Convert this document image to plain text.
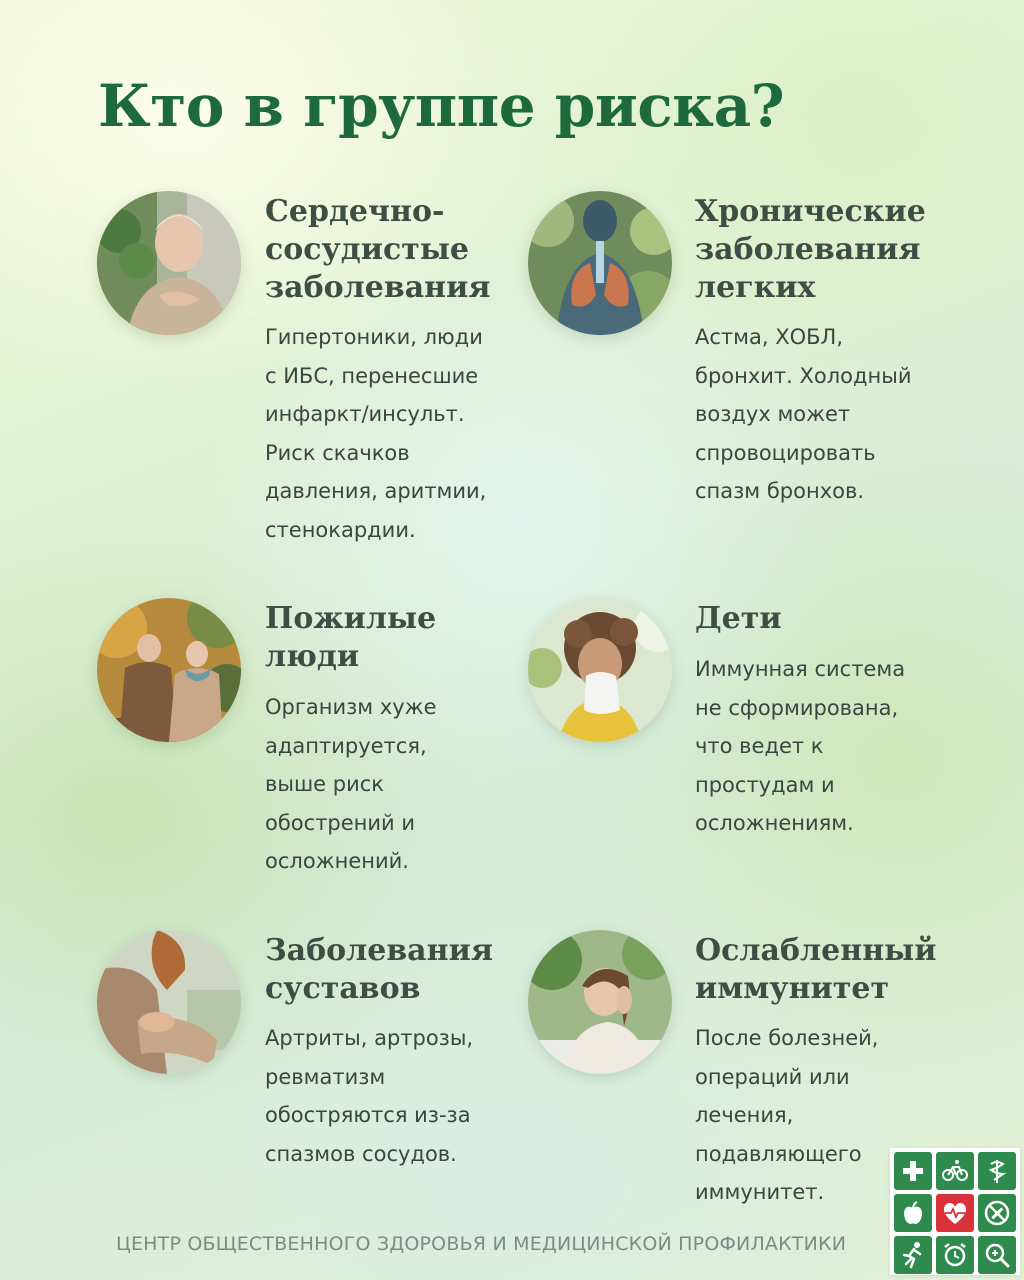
Кто в группе риска?
Сердечно-
сосудистые
заболевания

Гипертоники, люди
с ИБС, перенесшие
инфаркт/инсульт.
Риск скачков
давления, аритмии,
стенокардии.

Хронические
заболевания
легких

Астма, ХОБЛ,
бронхит. Холодный
воздух может
спровоцировать
спазм бронхов.

Пожилые
люди

Организм хуже
адаптируется,
выше риск
обострений и
осложнений.

Дети

Иммунная система
не сформирована,
что ведет к
простудам и
осложнениям.

Заболевания
суставов

Артриты, артрозы,
ревматизм
обостряются из-за
спазмов сосудов.

Ослабленный
иммунитет

После болезней,
операций или
лечения,
подавляющего
иммунитет.

ЦЕНТР ОБЩЕСТВЕННОГО ЗДОРОВЬЯ И МЕДИЦИНСКОЙ ПРОФИЛАКТИКИ
